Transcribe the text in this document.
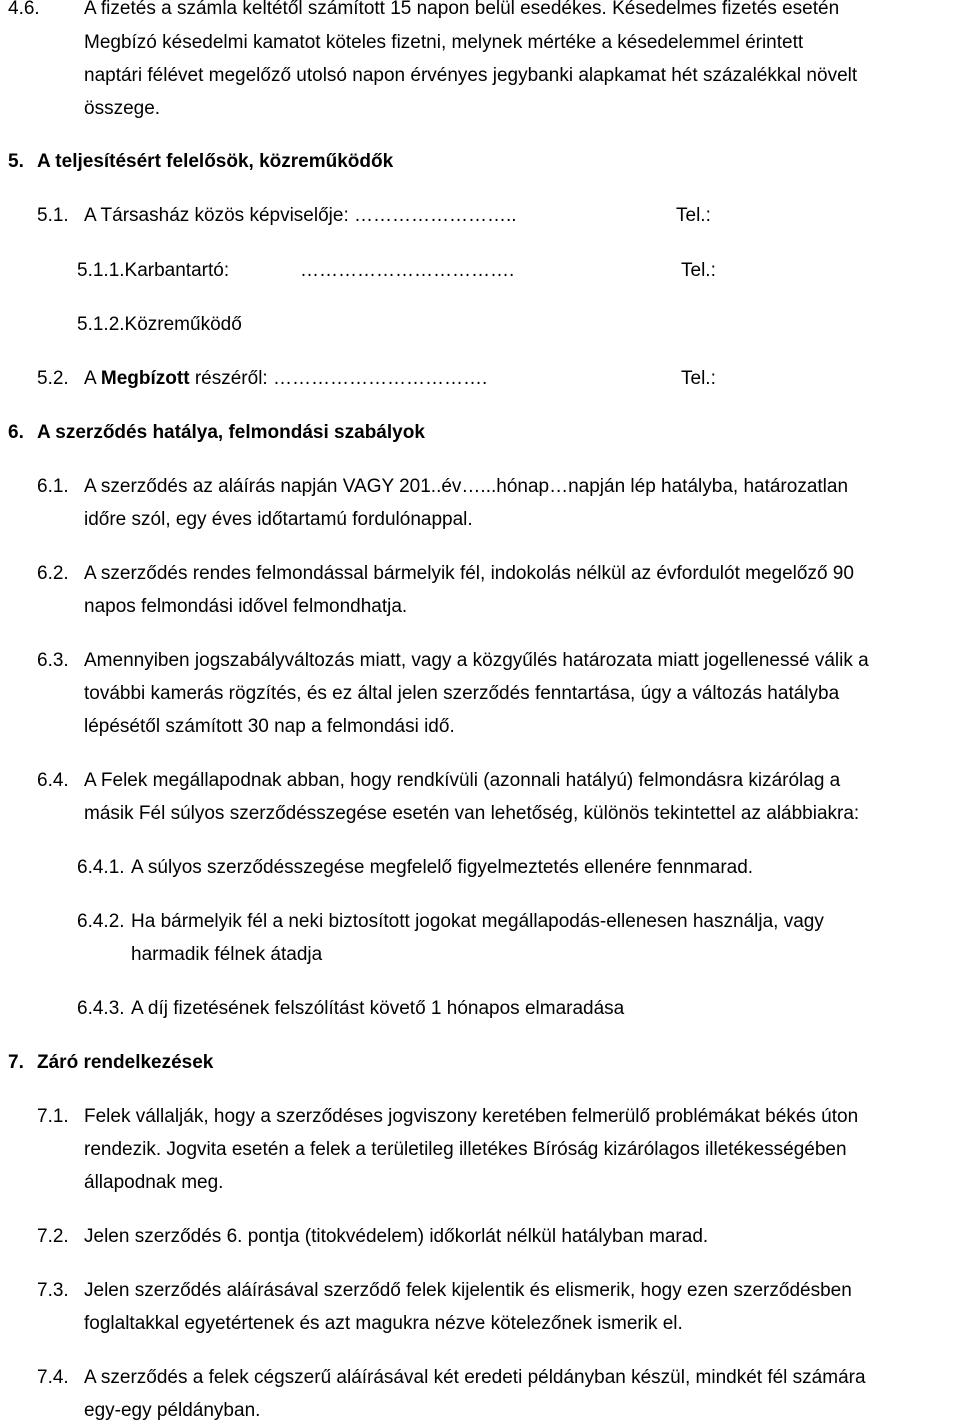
4.6. A fizetés a számla keltétől számított 15 napon belül esedékes. Késedelmes fizetés esetén
Megbízó késedelmi kamatot köteles fizetni, melynek mértéke a késedelemmel érintett
naptári félévet megelőző utolsó napon érvényes jegybanki alapkamat hét százalékkal növelt
összege.
5. A teljesítésért felelősök, közreműködők
5.1. A Társasház közös képviselője: ……………………..	Tel.:
5.1.1.Karbantartó:	…………………………….	Tel.:
5.1.2.Közreműködő
5.2. A Megbízott részéről: …………………………….	Tel.:
6. A szerződés hatálya, felmondási szabályok
6.1. A szerződés az aláírás napján VAGY 201..év…...hónap…napján lép hatályba, határozatlan
időre szól, egy éves időtartamú fordulónappal.
6.2. A szerződés rendes felmondással bármelyik fél, indokolás nélkül az évfordulót megelőző 90
napos felmondási idővel felmondhatja.
6.3. Amennyiben jogszabályváltozás miatt, vagy a közgyűlés határozata miatt jogellenessé válik a
további kamerás rögzítés, és ez által jelen szerződés fenntartása, úgy a változás hatályba
lépésétől számított 30 nap a felmondási idő.
6.4. A Felek megállapodnak abban, hogy rendkívüli (azonnali hatályú) felmondásra kizárólag a
másik Fél súlyos szerződésszegése esetén van lehetőség, különös tekintettel az alábbiakra:
6.4.1. A súlyos szerződésszegése megfelelő figyelmeztetés ellenére fennmarad.
6.4.2. Ha bármelyik fél a neki biztosított jogokat megállapodás-ellenesen használja, vagy
harmadik félnek átadja
6.4.3. A díj fizetésének felszólítást követő 1 hónapos elmaradása
7. Záró rendelkezések
7.1. Felek vállalják, hogy a szerződéses jogviszony keretében felmerülő problémákat békés úton
rendezik. Jogvita esetén a felek a területileg illetékes Bíróság kizárólagos illetékességében
állapodnak meg.
7.2. Jelen szerződés 6. pontja (titokvédelem) időkorlát nélkül hatályban marad.
7.3. Jelen szerződés aláírásával szerződő felek kijelentik és elismerik, hogy ezen szerződésben
foglaltakkal egyetértenek és azt magukra nézve kötelezőnek ismerik el.
7.4. A szerződés a felek cégszerű aláírásával két eredeti példányban készül, mindkét fél számára
egy-egy példányban.
